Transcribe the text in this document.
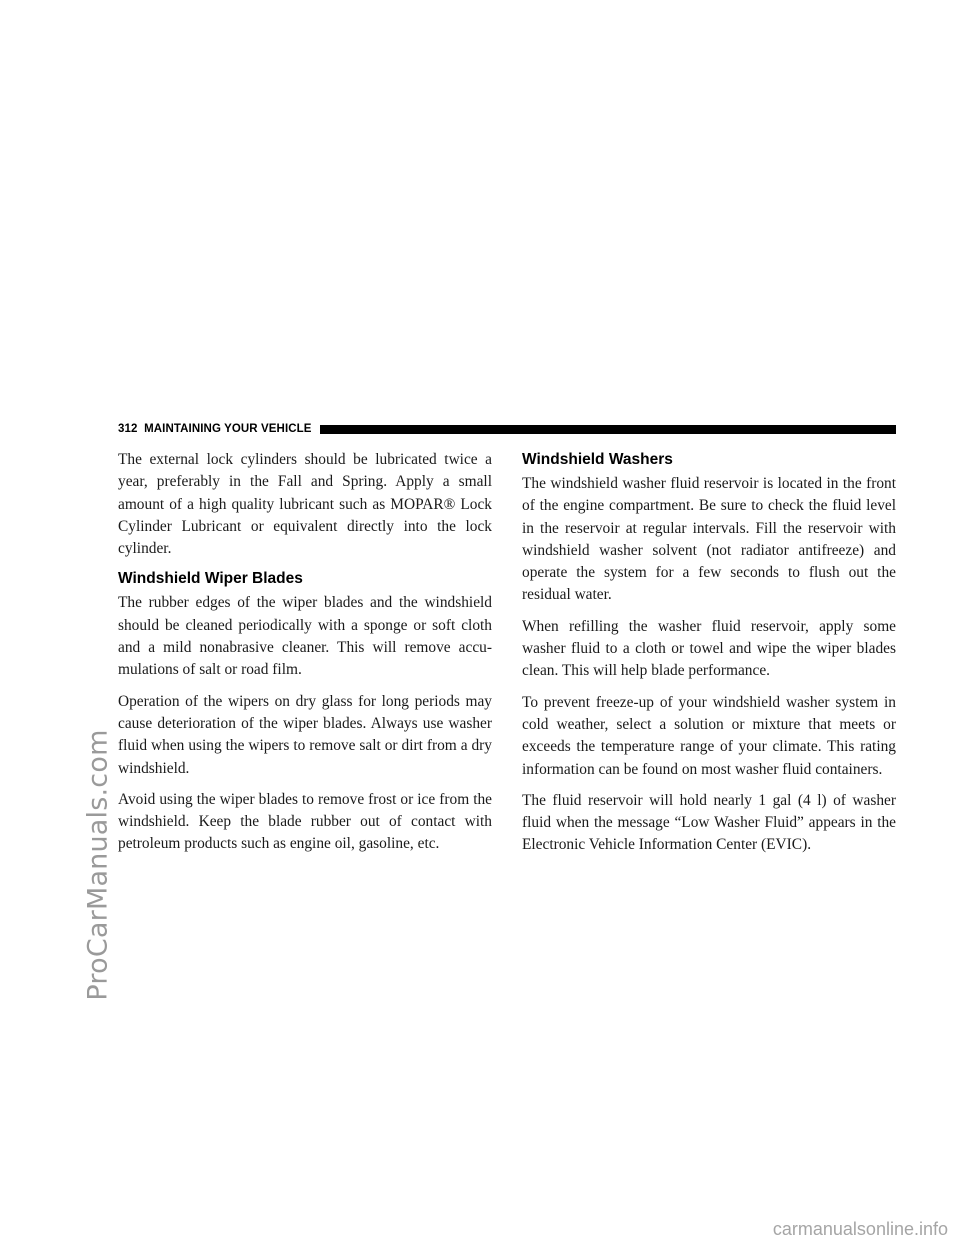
ProCarManuals.com
312 MAINTAINING YOUR VEHICLE

The external lock cylinders should be lubricated twice a year, preferably in the Fall and Spring. Apply a small amount of a high quality lubricant such as MOPAR® Lock Cylinder Lubricant or equivalent directly into the lock cylinder.

Windshield Wiper Blades

The rubber edges of the wiper blades and the windshield should be cleaned periodically with a sponge or soft cloth and a mild nonabrasive cleaner. This will remove accu-mulations of salt or road film.

Operation of the wipers on dry glass for long periods may cause deterioration of the wiper blades. Always use washer fluid when using the wipers to remove salt or dirt from a dry windshield.

Avoid using the wiper blades to remove frost or ice from the windshield. Keep the blade rubber out of contact with petroleum products such as engine oil, gasoline, etc.

Windshield Washers

The windshield washer fluid reservoir is located in the front of the engine compartment. Be sure to check the fluid level in the reservoir at regular intervals. Fill the reservoir with windshield washer solvent (not radiator antifreeze) and operate the system for a few seconds to flush out the residual water.

When refilling the washer fluid reservoir, apply some washer fluid to a cloth or towel and wipe the wiper blades clean. This will help blade performance.

To prevent freeze-up of your windshield washer system in cold weather, select a solution or mixture that meets or exceeds the temperature range of your climate. This rating information can be found on most washer fluid containers.

The fluid reservoir will hold nearly 1 gal (4 l) of washer fluid when the message “Low Washer Fluid” appears in the Electronic Vehicle Information Center (EVIC).

carmanualsonline.info
